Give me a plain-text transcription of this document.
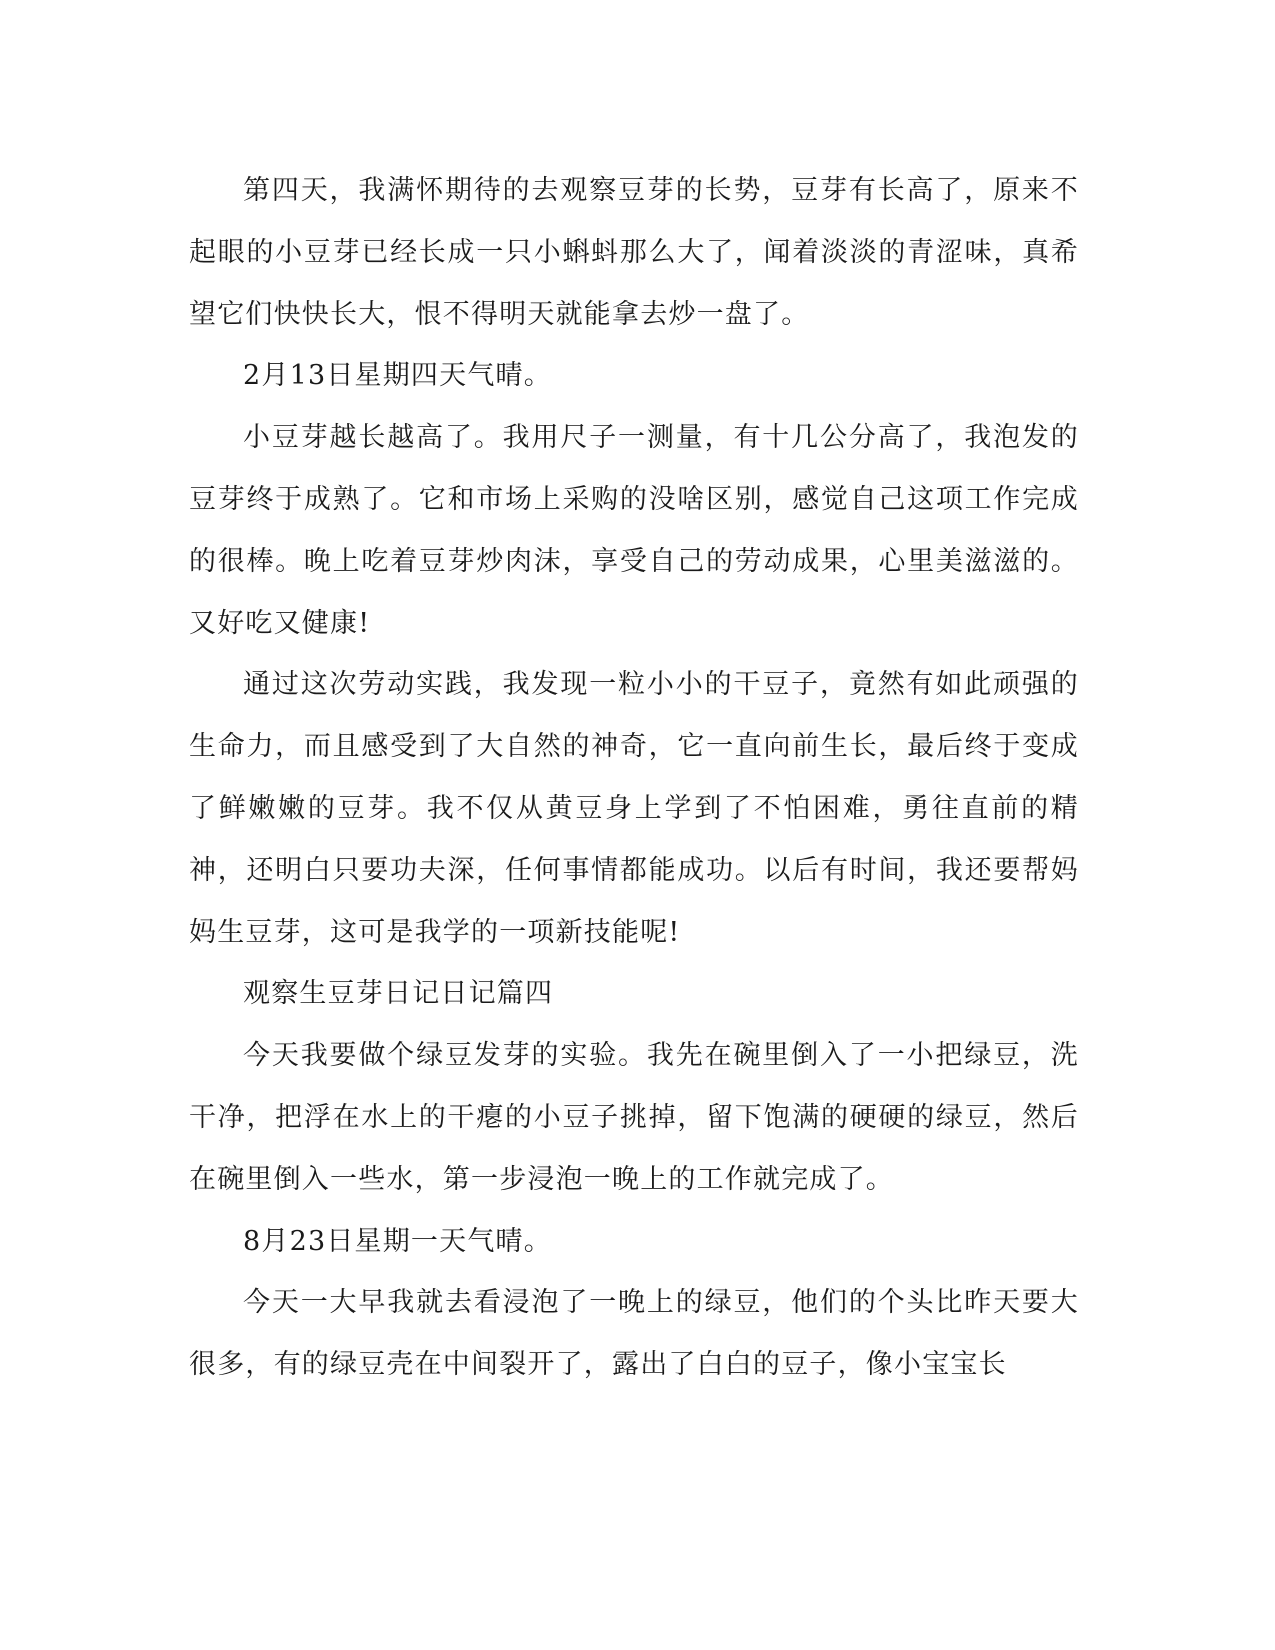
第四天，我满怀期待的去观察豆芽的长势，豆芽有长高了，原来不起眼的小豆芽已经长成一只小蝌蚪那么大了，闻着淡淡的青涩味，真希望它们快快长大，恨不得明天就能拿去炒一盘了。

2月13日星期四天气晴。

小豆芽越长越高了。我用尺子一测量，有十几公分高了，我泡发的豆芽终于成熟了。它和市场上采购的没啥区别，感觉自己这项工作完成的很棒。晚上吃着豆芽炒肉沫，享受自己的劳动成果，心里美滋滋的。又好吃又健康!

通过这次劳动实践，我发现一粒小小的干豆子，竟然有如此顽强的生命力，而且感受到了大自然的神奇，它一直向前生长，最后终于变成了鲜嫩嫩的豆芽。我不仅从黄豆身上学到了不怕困难，勇往直前的精神，还明白只要功夫深，任何事情都能成功。以后有时间，我还要帮妈妈生豆芽，这可是我学的一项新技能呢!

观察生豆芽日记日记篇四

今天我要做个绿豆发芽的实验。我先在碗里倒入了一小把绿豆，洗干净，把浮在水上的干瘪的小豆子挑掉，留下饱满的硬硬的绿豆，然后在碗里倒入一些水，第一步浸泡一晚上的工作就完成了。

8月23日星期一天气晴。

今天一大早我就去看浸泡了一晚上的绿豆，他们的个头比昨天要大很多，有的绿豆壳在中间裂开了，露出了白白的豆子，像小宝宝长
